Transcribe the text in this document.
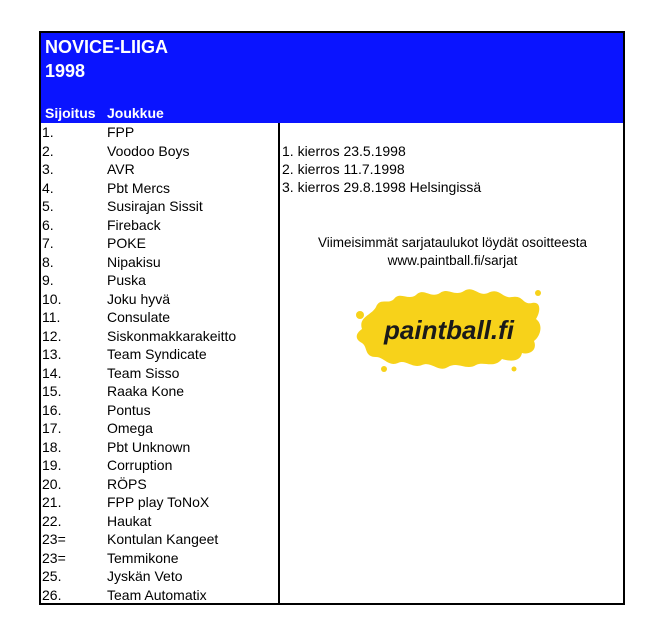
NOVICE-LIIGA
1998
Sijoitus Joukkue
1.	FPP
2.	Voodoo Boys
3.	AVR
4.	Pbt Mercs
5.	Susirajan Sissit
6.	Fireback
7.	POKE
8.	Nipakisu
9.	Puska
10.	Joku hyvä
11.	Consulate
12.	Siskonmakkarakeitto
13.	Team Syndicate
14.	Team Sisso
15.	Raaka Kone
16.	Pontus
17.	Omega
18.	Pbt Unknown
19.	Corruption
20.	RÖPS
21.	FPP play ToNoX
22.	Haukat
23=	Kontulan Kangeet
23=	Temmikone
25.	Jyskän Veto
26.	Team Automatix
1. kierros 23.5.1998
2. kierros 11.7.1998
3. kierros 29.8.1998 Helsingissä
Viimeisimmät sarjataulukot löydät osoitteesta
www.paintball.fi/sarjat
paintball.fi
